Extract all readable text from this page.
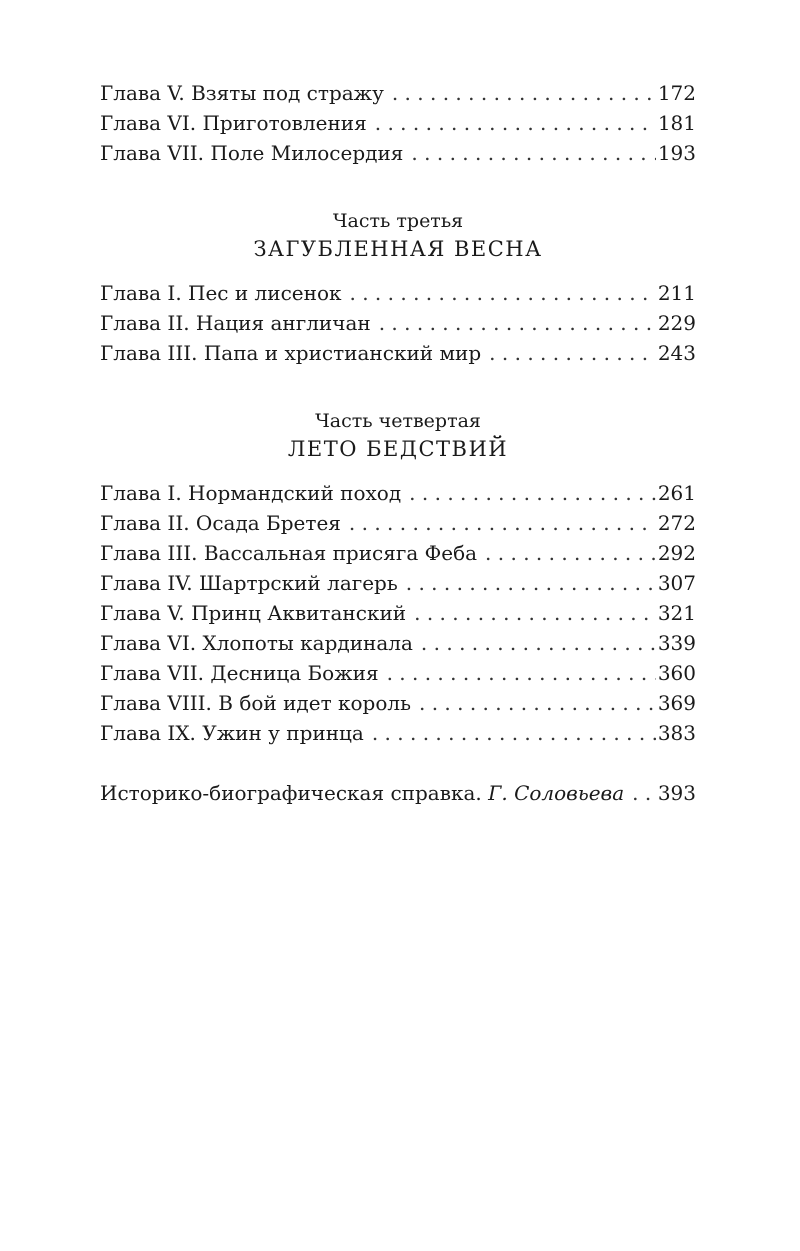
Глава V. Взяты под стражу . . .	172
Глава VI. Приготовления . . .	181
Глава VII. Поле Милосердия . . .	193
Часть третья
ЗАГУБЛЕННАЯ ВЕСНА
Глава I. Пес и лисенок . . .	211
Глава II. Нация англичан . . .	229
Глава III. Папа и христианский мир . . .	243
Часть четвертая
ЛЕТО БЕДСТВИЙ
Глава I. Нормандский поход . . .	261
Глава II. Осада Бретея . . .	272
Глава III. Вассальная присяга Феба . . .	292
Глава IV. Шартрский лагерь . . .	307
Глава V. Принц Аквитанский . . .	321
Глава VI. Хлопоты кардинала . . .	339
Глава VII. Десница Божия . . .	360
Глава VIII. В бой идет король . . .	369
Глава IX. Ужин у принца . . .	383
Историко-биографическая справка. Г. Соловьева . . . 393
